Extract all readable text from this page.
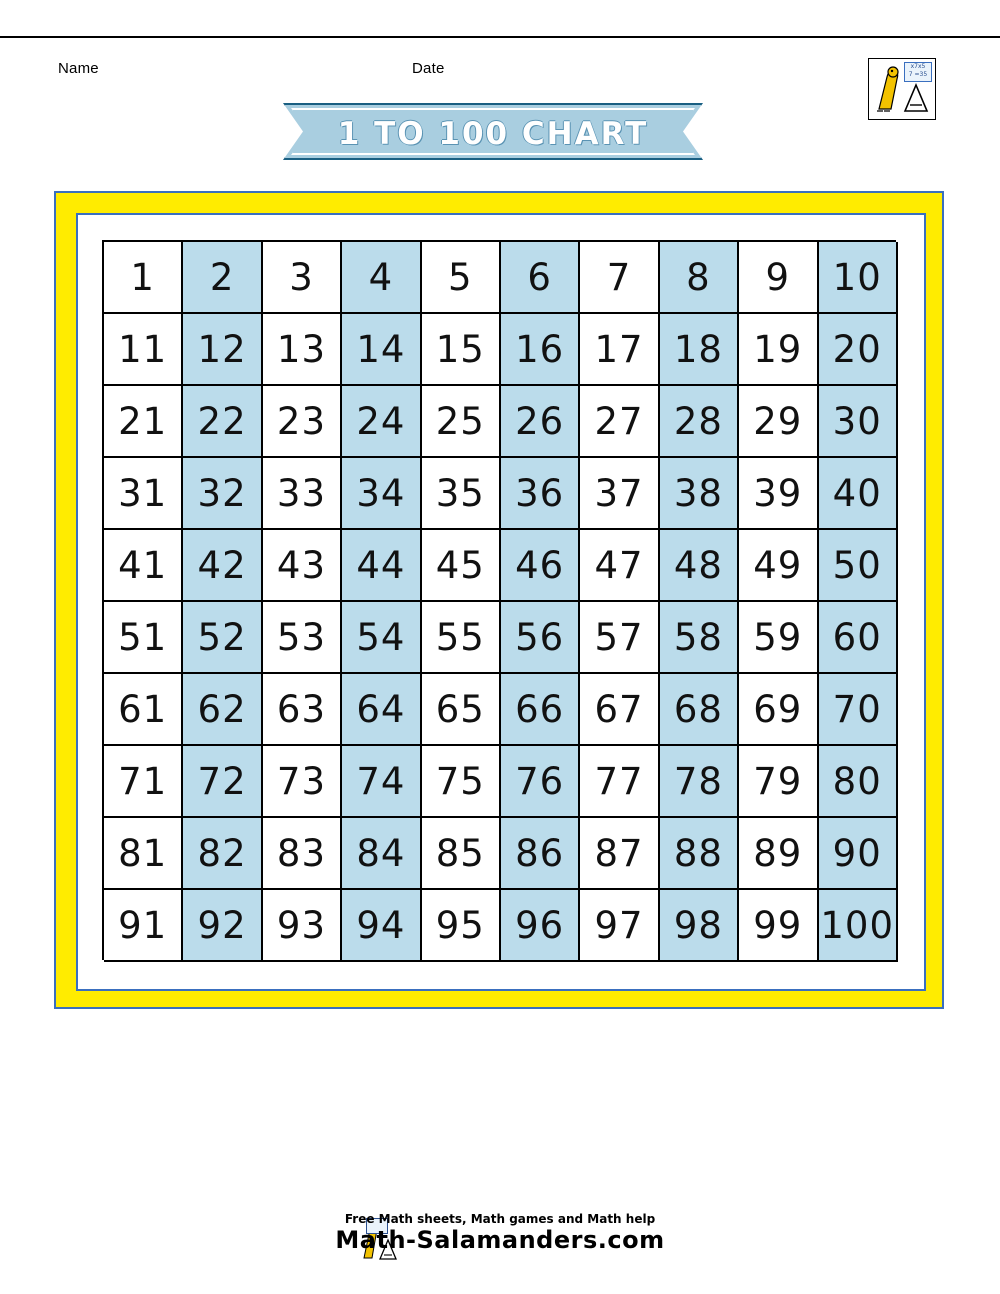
Name	Date	x7x5
7 =35
1 TO 100 CHART
1	2	3	4	5	6	7	8	9	10
11 12 13 14 15 16 17 18 19 20
21 22 23 24 25 26 27 28 29 30
31 32 33 34 35 36 37 38 39 40
41 42 43 44 45 46 47 48 49 50
51 52 53 54 55 56 57 58 59 60
61 62 63 64 65 66 67 68 69 70
71 72 73 74 75 76 77 78 79 80
81 82 83 84 85 86 87 88 89 90
91 92 93 94 95 96 97 98 99 100
Free Math sheets, Math games and Math help
Math-Salamanders.com
